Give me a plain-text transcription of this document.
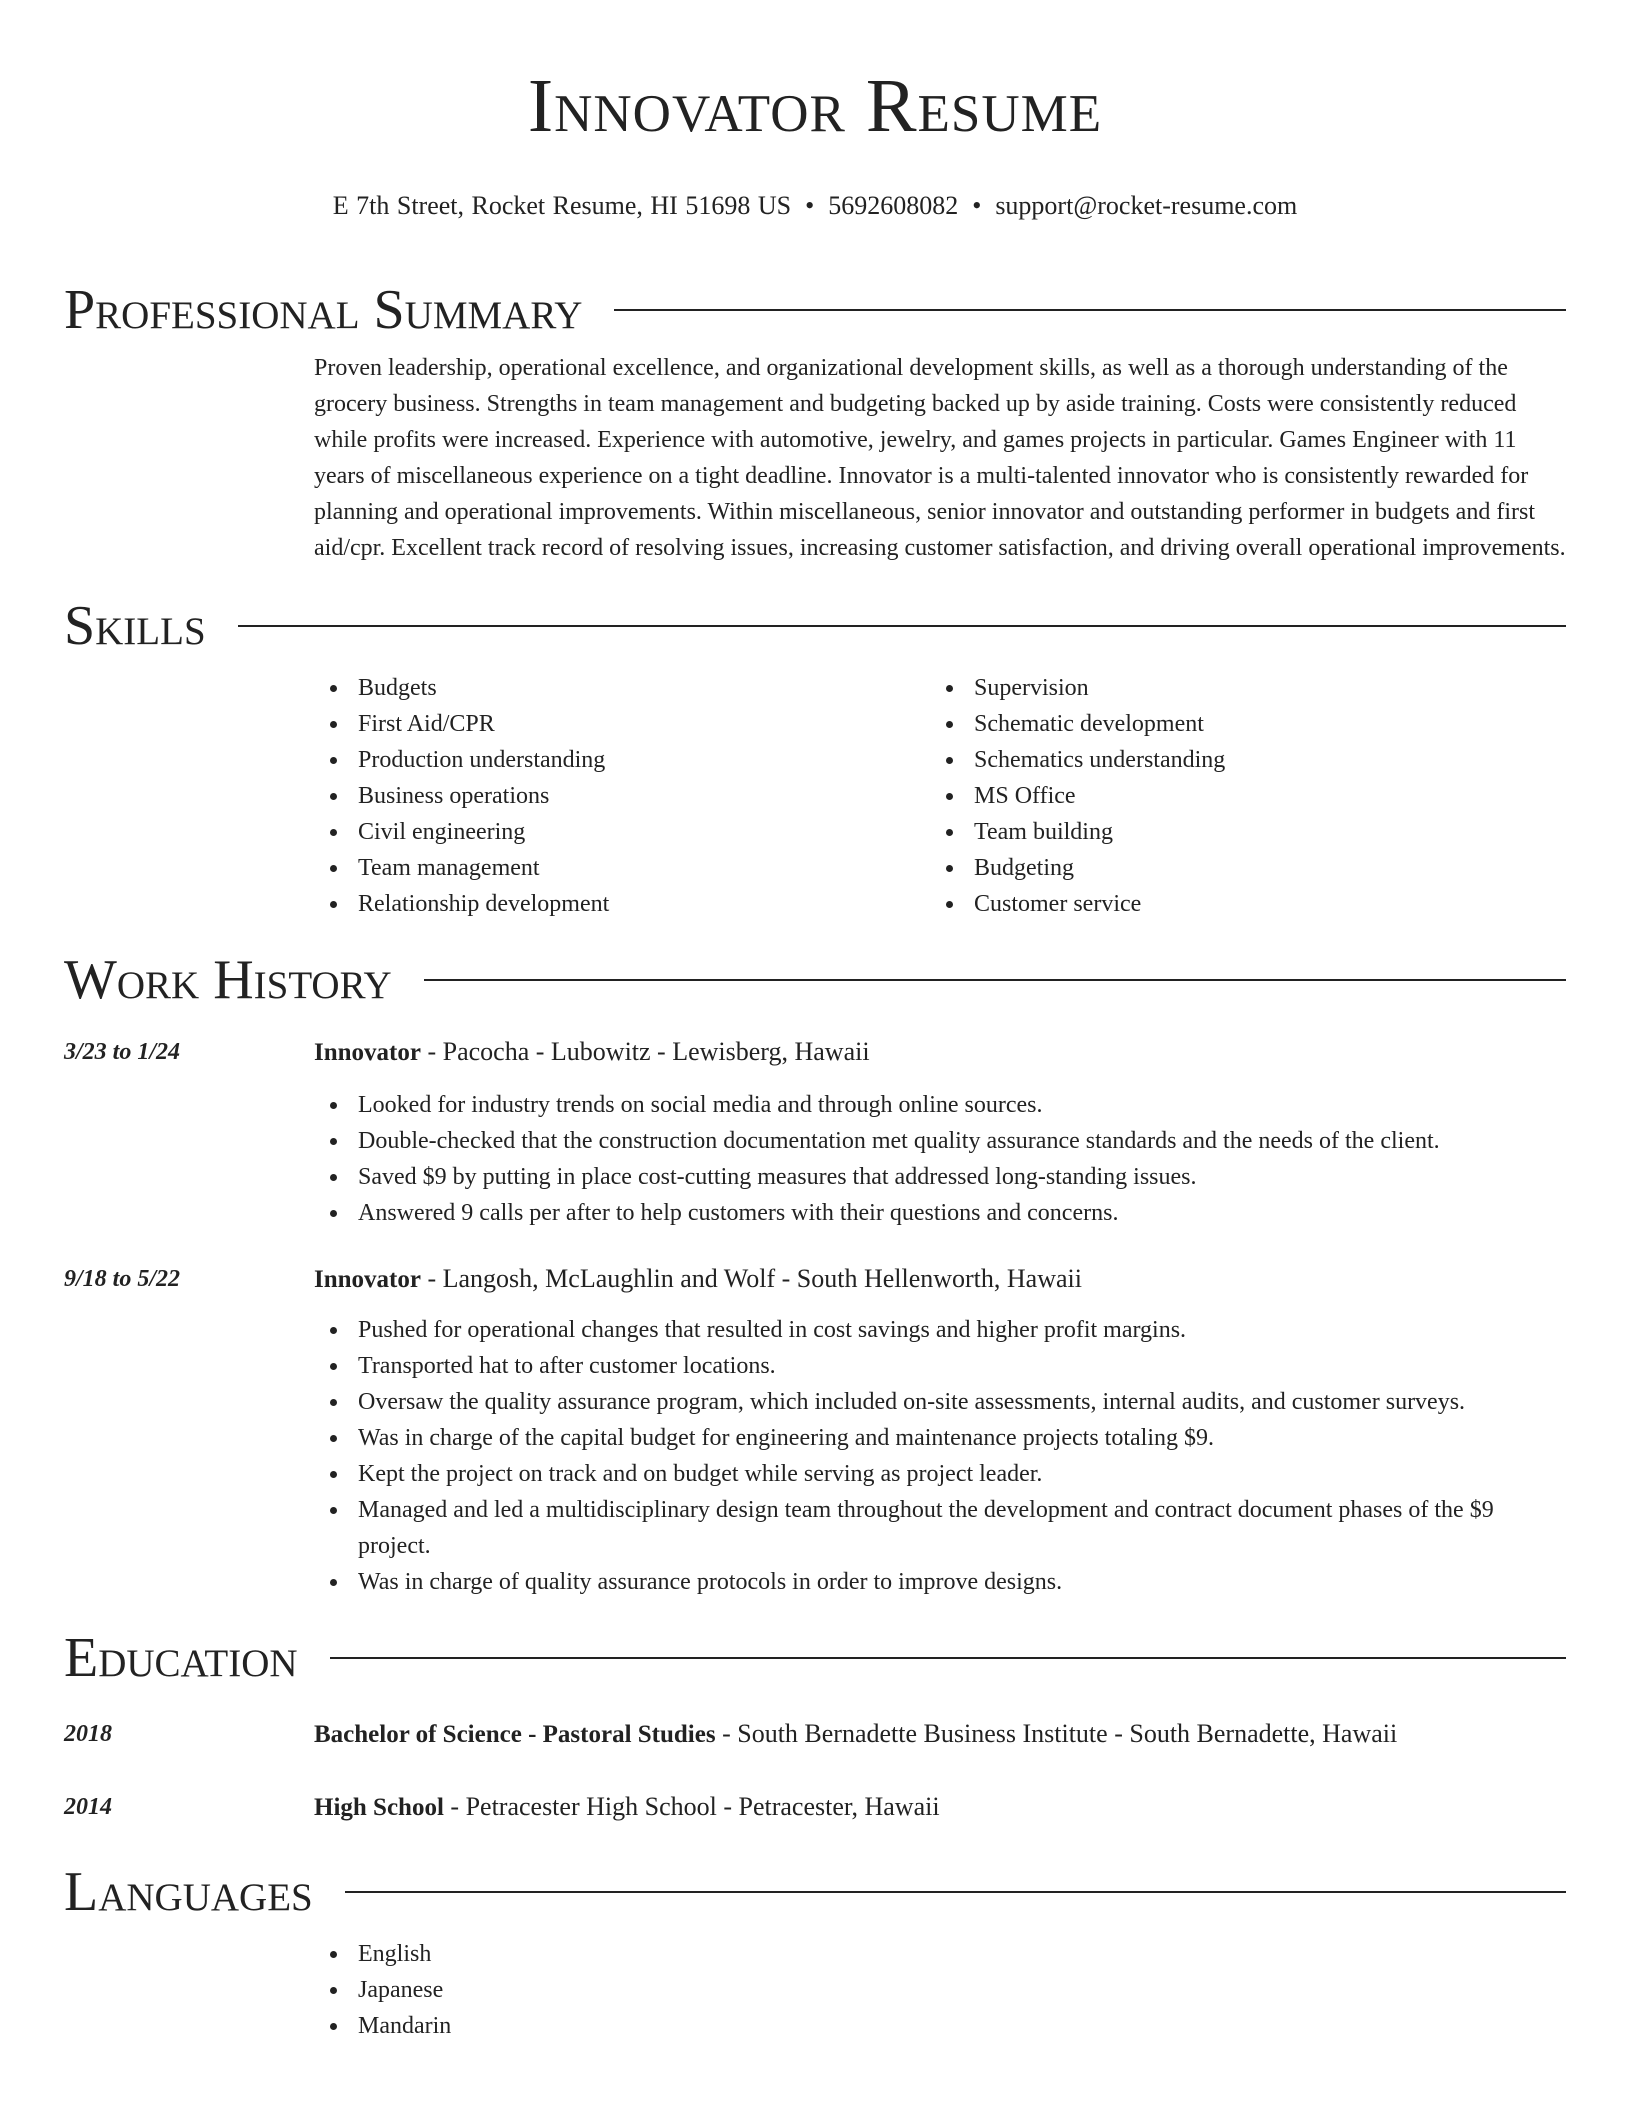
Innovator Resume
E 7th Street, Rocket Resume, HI 51698 US • 5692608082 • support@rocket-resume.com
Professional Summary

Proven leadership, operational excellence, and organizational development skills, as well as a thorough understanding of the grocery business. Strengths in team management and budgeting backed up by aside training. Costs were consistently reduced while profits were increased. Experience with automotive, jewelry, and games projects in particular. Games Engineer with 11 years of miscellaneous experience on a tight deadline. Innovator is a multi-talented innovator who is consistently rewarded for planning and operational improvements. Within miscellaneous, senior innovator and outstanding performer in budgets and first aid/cpr. Excellent track record of resolving issues, increasing customer satisfaction, and driving overall operational improvements.

Skills
Budgets
First Aid/CPR
Production understanding
Business operations
Civil engineering
Team management
Relationship development
Supervision
Schematic development
Schematics understanding
MS Office
Team building
Budgeting
Customer service
Work History
3/23 to 1/24	Innovator - Pacocha - Lubowitz - Lewisberg, Hawaii
Looked for industry trends on social media and through online sources.
Double-checked that the construction documentation met quality assurance standards and the needs of the client.
Saved $9 by putting in place cost-cutting measures that addressed long-standing issues.
Answered 9 calls per after to help customers with their questions and concerns.
9/18 to 5/22	Innovator - Langosh, McLaughlin and Wolf - South Hellenworth, Hawaii
Pushed for operational changes that resulted in cost savings and higher profit margins.
Transported hat to after customer locations.
Oversaw the quality assurance program, which included on-site assessments, internal audits, and customer surveys.
Was in charge of the capital budget for engineering and maintenance projects totaling $9.
Kept the project on track and on budget while serving as project leader.
Managed and led a multidisciplinary design team throughout the development and contract document phases of the $9 project.
Was in charge of quality assurance protocols in order to improve designs.
Education
2018	Bachelor of Science - Pastoral Studies - South Bernadette Business Institute - South Bernadette, Hawaii
2014	High School - Petracester High School - Petracester, Hawaii
Languages
English
Japanese
Mandarin
